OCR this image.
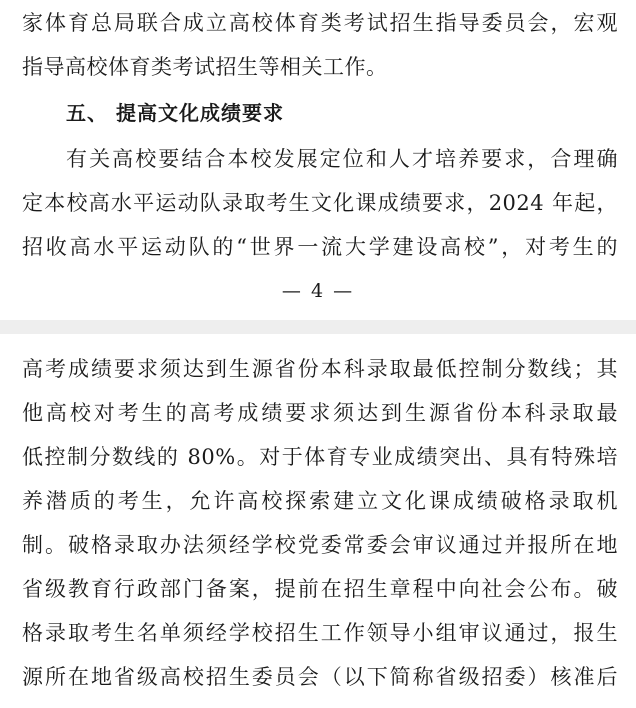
家体育总局联合成立高校体育类考试招生指导委员会，宏观
指导高校体育类考试招生等相关工作。
五、 提高文化成绩要求
有关高校要结合本校发展定位和人才培养要求，合理确
定本校高水平运动队录取考生文化课成绩要求，2024 年起，
招收高水平运动队的“世界一流大学建设高校”，对考生的
— 4 —
高考成绩要求须达到生源省份本科录取最低控制分数线；其
他高校对考生的高考成绩要求须达到生源省份本科录取最
低控制分数线的 80%。对于体育专业成绩突出、具有特殊培
养潜质的考生，允许高校探索建立文化课成绩破格录取机
制。破格录取办法须经学校党委常委会审议通过并报所在地
省级教育行政部门备案，提前在招生章程中向社会公布。破
格录取考生名单须经学校招生工作领导小组审议通过，报生
源所在地省级高校招生委员会（以下简称省级招委）核准后
